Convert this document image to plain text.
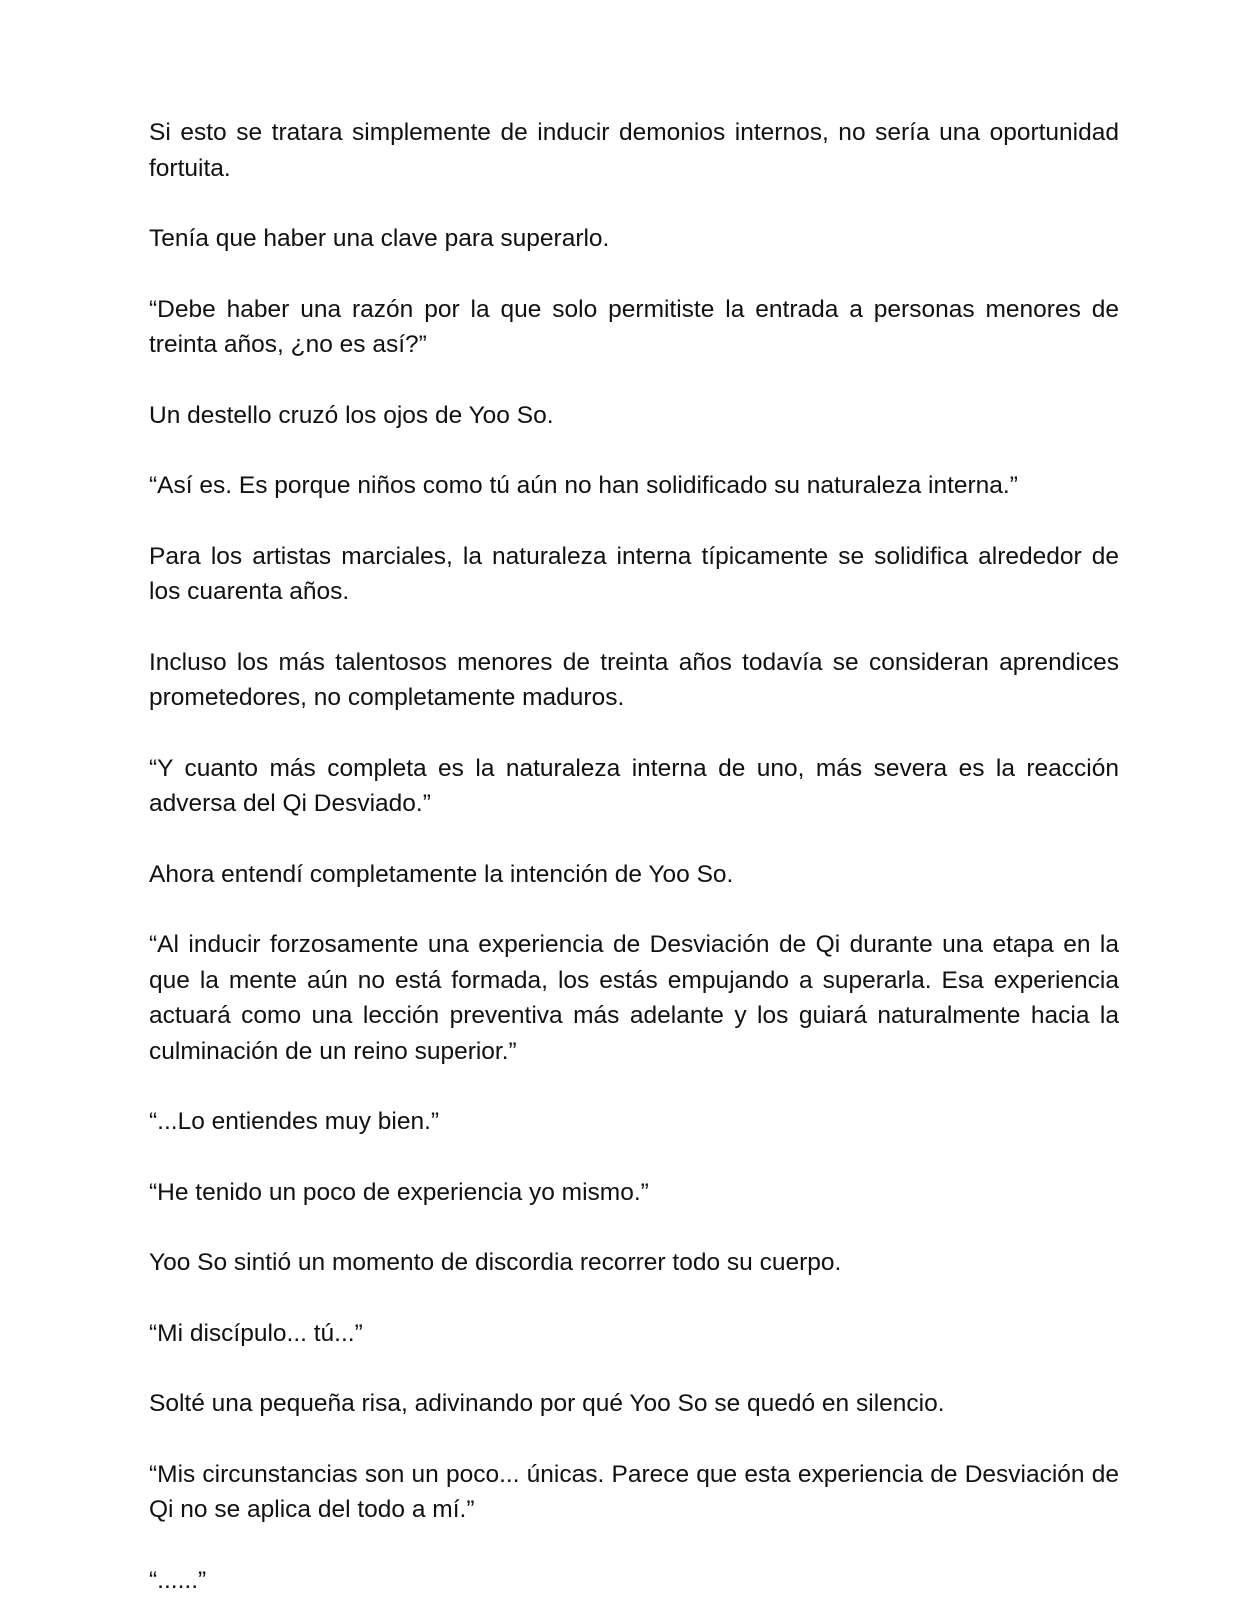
Si esto se tratara simplemente de inducir demonios internos, no sería una oportunidad fortuita.

Tenía que haber una clave para superarlo.

“Debe haber una razón por la que solo permitiste la entrada a personas menores de treinta años, ¿no es así?”

Un destello cruzó los ojos de Yoo So.

“Así es. Es porque niños como tú aún no han solidificado su naturaleza interna.”

Para los artistas marciales, la naturaleza interna típicamente se solidifica alrededor de los cuarenta años.

Incluso los más talentosos menores de treinta años todavía se consideran aprendices prometedores, no completamente maduros.

“Y cuanto más completa es la naturaleza interna de uno, más severa es la reacción adversa del Qi Desviado.”

Ahora entendí completamente la intención de Yoo So.

“Al inducir forzosamente una experiencia de Desviación de Qi durante una etapa en la que la mente aún no está formada, los estás empujando a superarla. Esa experiencia actuará como una lección preventiva más adelante y los guiará naturalmente hacia la culminación de un reino superior.”

“...Lo entiendes muy bien.”

“He tenido un poco de experiencia yo mismo.”

Yoo So sintió un momento de discordia recorrer todo su cuerpo.

“Mi discípulo... tú...”

Solté una pequeña risa, adivinando por qué Yoo So se quedó en silencio.

“Mis circunstancias son un poco... únicas. Parece que esta experiencia de Desviación de Qi no se aplica del todo a mí.”

“......”
